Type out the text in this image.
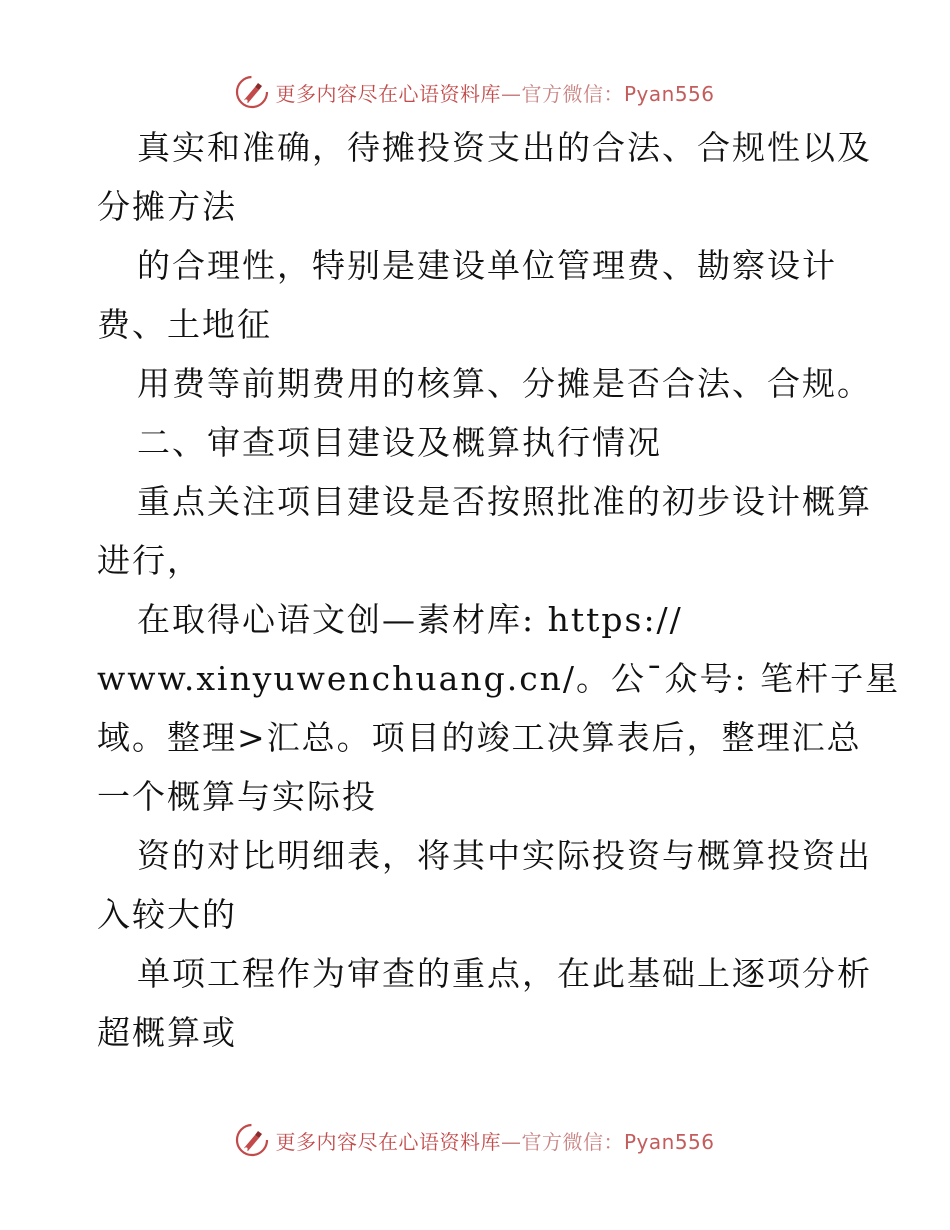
更多内容尽在心语资料库—官方微信：Pyan556
真实和准确，待摊投资支出的合法、合规性以及
分摊方法
的合理性，特别是建设单位管理费、勘察设计
费、土地征
用费等前期费用的核算、分摊是否合法、合规。
二、审查项目建设及概算执行情况
重点关注项目建设是否按照批准的初步设计概算
进行，
在取得心语文创—素材库: https://
www.xinyuwenchuang.cn/。公¯众号: 笔杆子星
域。整理>汇总。项目的竣工决算表后，整理汇总
一个概算与实际投
资的对比明细表，将其中实际投资与概算投资出
入较大的
单项工程作为审查的重点，在此基础上逐项分析
超概算或
更多内容尽在心语资料库—官方微信：Pyan556
